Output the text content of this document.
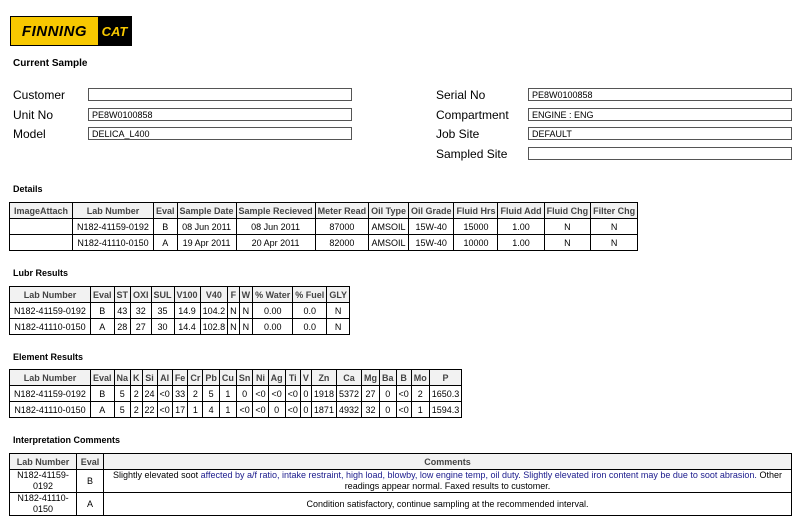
FINNING	CAT
Current Sample
Customer
Unit No	PE8W0100858
Model	DELICA_L400
Serial No	PE8W0100858
Compartment	ENGINE : ENG
Job Site	DEFAULT
Sampled Site
Details
ImageAttach	Lab Number	Eval	Sample Date	Sample Recieved	Meter Read	Oil Type	Oil Grade	Fluid Hrs	Fluid Add	Fluid Chg	Filter Chg
	N182-41159-0192	B	08 Jun 2011	08 Jun 2011	87000	AMSOIL	15W-40	15000	1.00	N	N
	N182-41110-0150	A	19 Apr 2011	20 Apr 2011	82000	AMSOIL	15W-40	10000	1.00	N	N
Lubr Results
Lab Number	Eval	ST	OXI	SUL	V100	V40	F	W	% Water	% Fuel	GLY
N182-41159-0192	B	43	32	35	14.9	104.2	N	N	0.00	0.0	N
N182-41110-0150	A	28	27	30	14.4	102.8	N	N	0.00	0.0	N
Element Results
Lab Number	Eval	Na	K	Si	Al	Fe	Cr	Pb	Cu	Sn	Ni	Ag	Ti	V	Zn	Ca	Mg	Ba	B	Mo	P
N182-41159-0192	B	5	2	24	<0	33	2	5	1	0	<0	<0	<0	0	1918	5372	27	0	<0	2	1650.3
N182-41110-0150	A	5	2	22	<0	17	1	4	1	<0	<0	0	<0	0	1871	4932	32	0	<0	1	1594.3
Interpretation Comments
Lab Number	Eval	Comments
N182-41159-0192	B	Slightly elevated soot affected by a/f ratio, intake restraint, high load, blowby, low engine temp, oil duty. Slightly elevated iron content may be due to soot abrasion. Other readings appear normal. Faxed results to customer.
N182-41110-0150	A	Condition satisfactory, continue sampling at the recommended interval.
